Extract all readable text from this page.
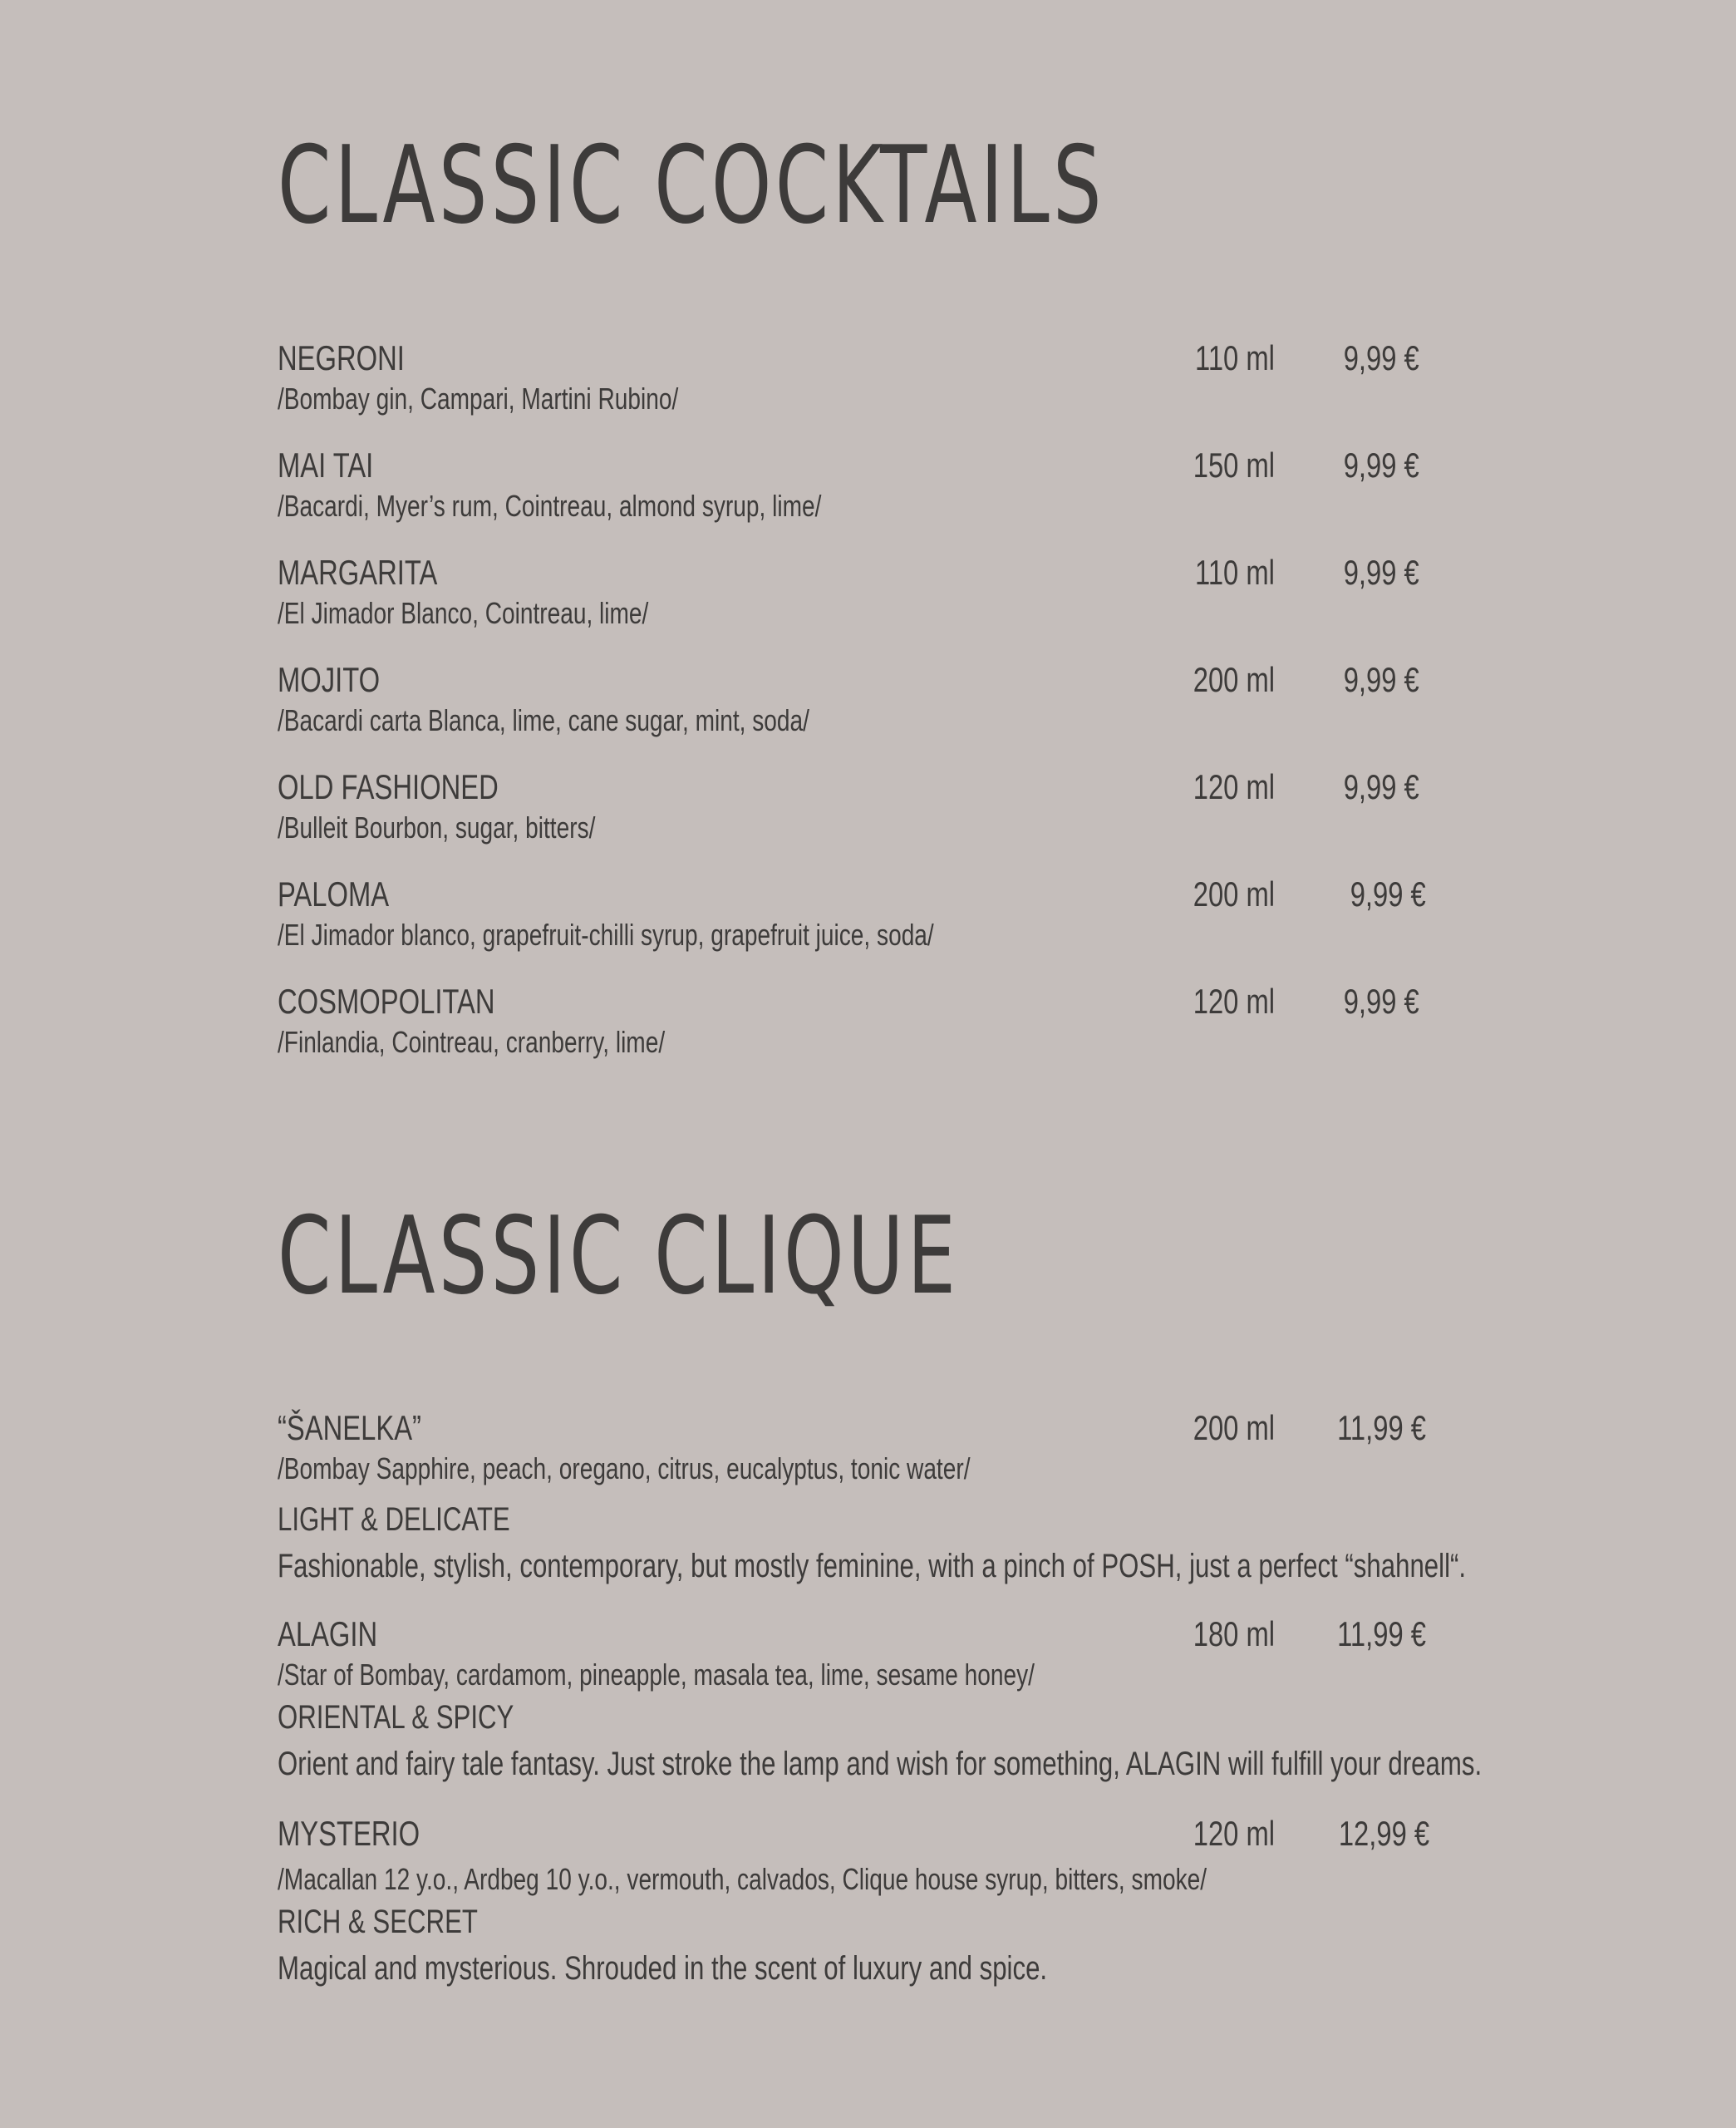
CLASSIC COCKTAILS
NEGRONI	110 ml 9,99 €
/Bombay gin, Campari, Martini Rubino/
MAI TAI	150 ml 9,99 €
/Bacardi, Myer’s rum, Cointreau, almond syrup, lime/
MARGARITA	110 ml 9,99 €
/El Jimador Blanco, Cointreau, lime/
MOJITO	200 ml 9,99 €
/Bacardi carta Blanca, lime, cane sugar, mint, soda/
OLD FASHIONED	120 ml 9,99 €
/Bulleit Bourbon, sugar, bitters/
PALOMA	200 ml 9,99 €
/El Jimador blanco, grapefruit-chilli syrup, grapefruit juice, soda/
COSMOPOLITAN	120 ml 9,99 €
/Finlandia, Cointreau, cranberry, lime/
CLASSIC CLIQUE
“ŠANELKA”	200 ml 11,99 €
/Bombay Sapphire, peach, oregano, citrus, eucalyptus, tonic water/
LIGHT & DELICATE
Fashionable, stylish, contemporary, but mostly feminine, with a pinch of POSH, just a perfect “shahnell“.
ALAGIN	180 ml 11,99 €
/Star of Bombay, cardamom, pineapple, masala tea, lime, sesame honey/
ORIENTAL & SPICY
Orient and fairy tale fantasy. Just stroke the lamp and wish for something, ALAGIN will fulfill your dreams.
MYSTERIO	120 ml 12,99 €
/Macallan 12 y.o., Ardbeg 10 y.o., vermouth, calvados, Clique house syrup, bitters, smoke/
RICH & SECRET
Magical and mysterious. Shrouded in the scent of luxury and spice.
